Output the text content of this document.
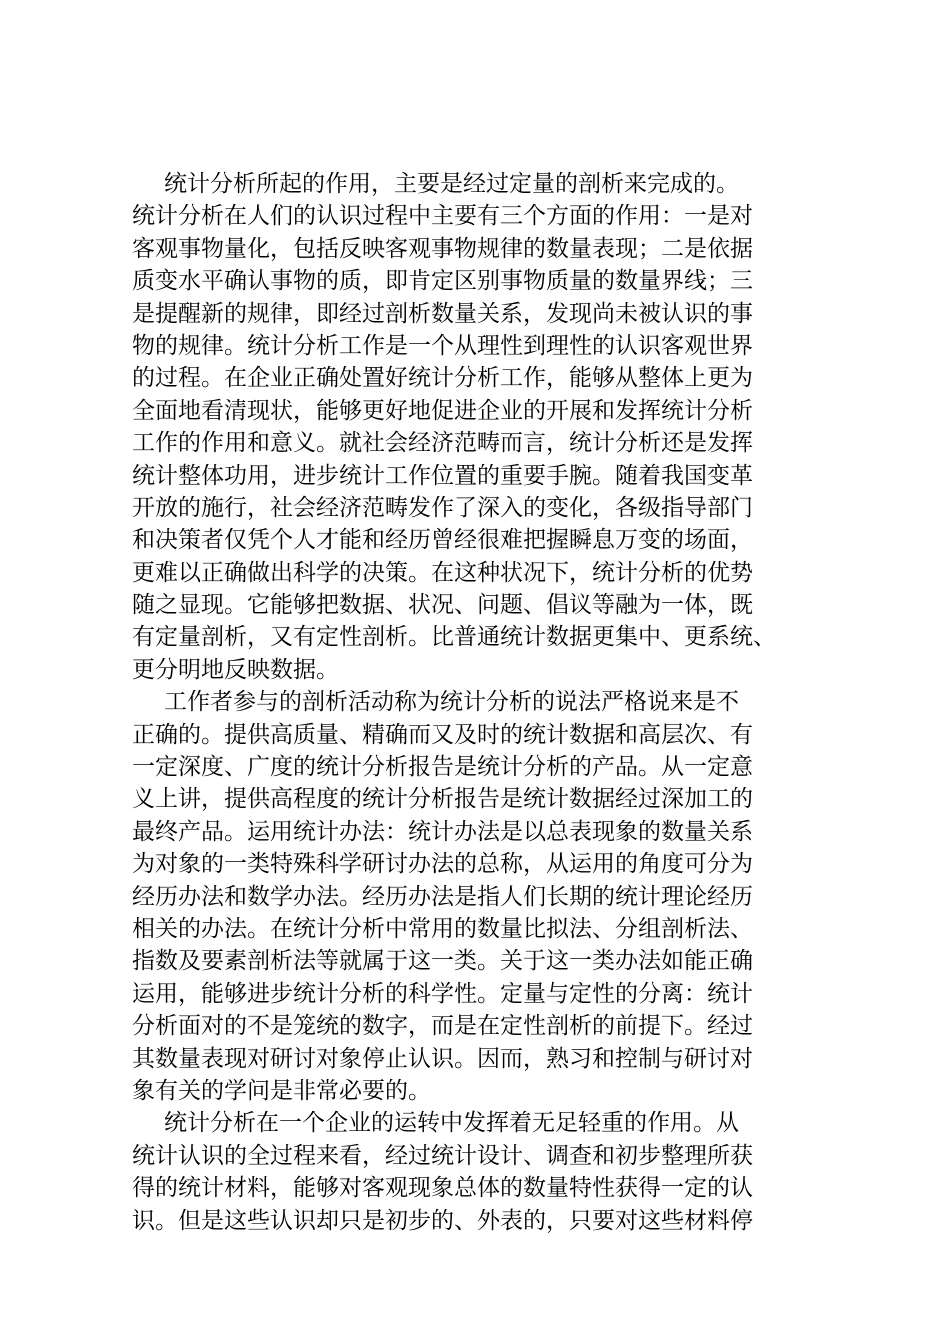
统计分析所起的作用，主要是经过定量的剖析来完成的。
统计分析在人们的认识过程中主要有三个方面的作用：一是对
客观事物量化，包括反映客观事物规律的数量表现；二是依据
质变水平确认事物的质，即肯定区别事物质量的数量界线；三
是提醒新的规律，即经过剖析数量关系，发现尚未被认识的事
物的规律。统计分析工作是一个从理性到理性的认识客观世界
的过程。在企业正确处置好统计分析工作，能够从整体上更为
全面地看清现状，能够更好地促进企业的开展和发挥统计分析
工作的作用和意义。就社会经济范畴而言，统计分析还是发挥
统计整体功用，进步统计工作位置的重要手腕。随着我国变革
开放的施行，社会经济范畴发作了深入的变化，各级指导部门
和决策者仅凭个人才能和经历曾经很难把握瞬息万变的场面，
更难以正确做出科学的决策。在这种状况下，统计分析的优势
随之显现。它能够把数据、状况、问题、倡议等融为一体，既
有定量剖析，又有定性剖析。比普通统计数据更集中、更系统、
更分明地反映数据。
工作者参与的剖析活动称为统计分析的说法严格说来是不
正确的。提供高质量、精确而又及时的统计数据和高层次、有
一定深度、广度的统计分析报告是统计分析的产品。从一定意
义上讲，提供高程度的统计分析报告是统计数据经过深加工的
最终产品。运用统计办法：统计办法是以总表现象的数量关系
为对象的一类特殊科学研讨办法的总称，从运用的角度可分为
经历办法和数学办法。经历办法是指人们长期的统计理论经历
相关的办法。在统计分析中常用的数量比拟法、分组剖析法、
指数及要素剖析法等就属于这一类。关于这一类办法如能正确
运用，能够进步统计分析的科学性。定量与定性的分离：统计
分析面对的不是笼统的数字，而是在定性剖析的前提下。经过
其数量表现对研讨对象停止认识。因而，熟习和控制与研讨对
象有关的学问是非常必要的。
统计分析在一个企业的运转中发挥着无足轻重的作用。从
统计认识的全过程来看，经过统计设计、调查和初步整理所获
得的统计材料，能够对客观现象总体的数量特性获得一定的认
识。但是这些认识却只是初步的、外表的，只要对这些材料停
